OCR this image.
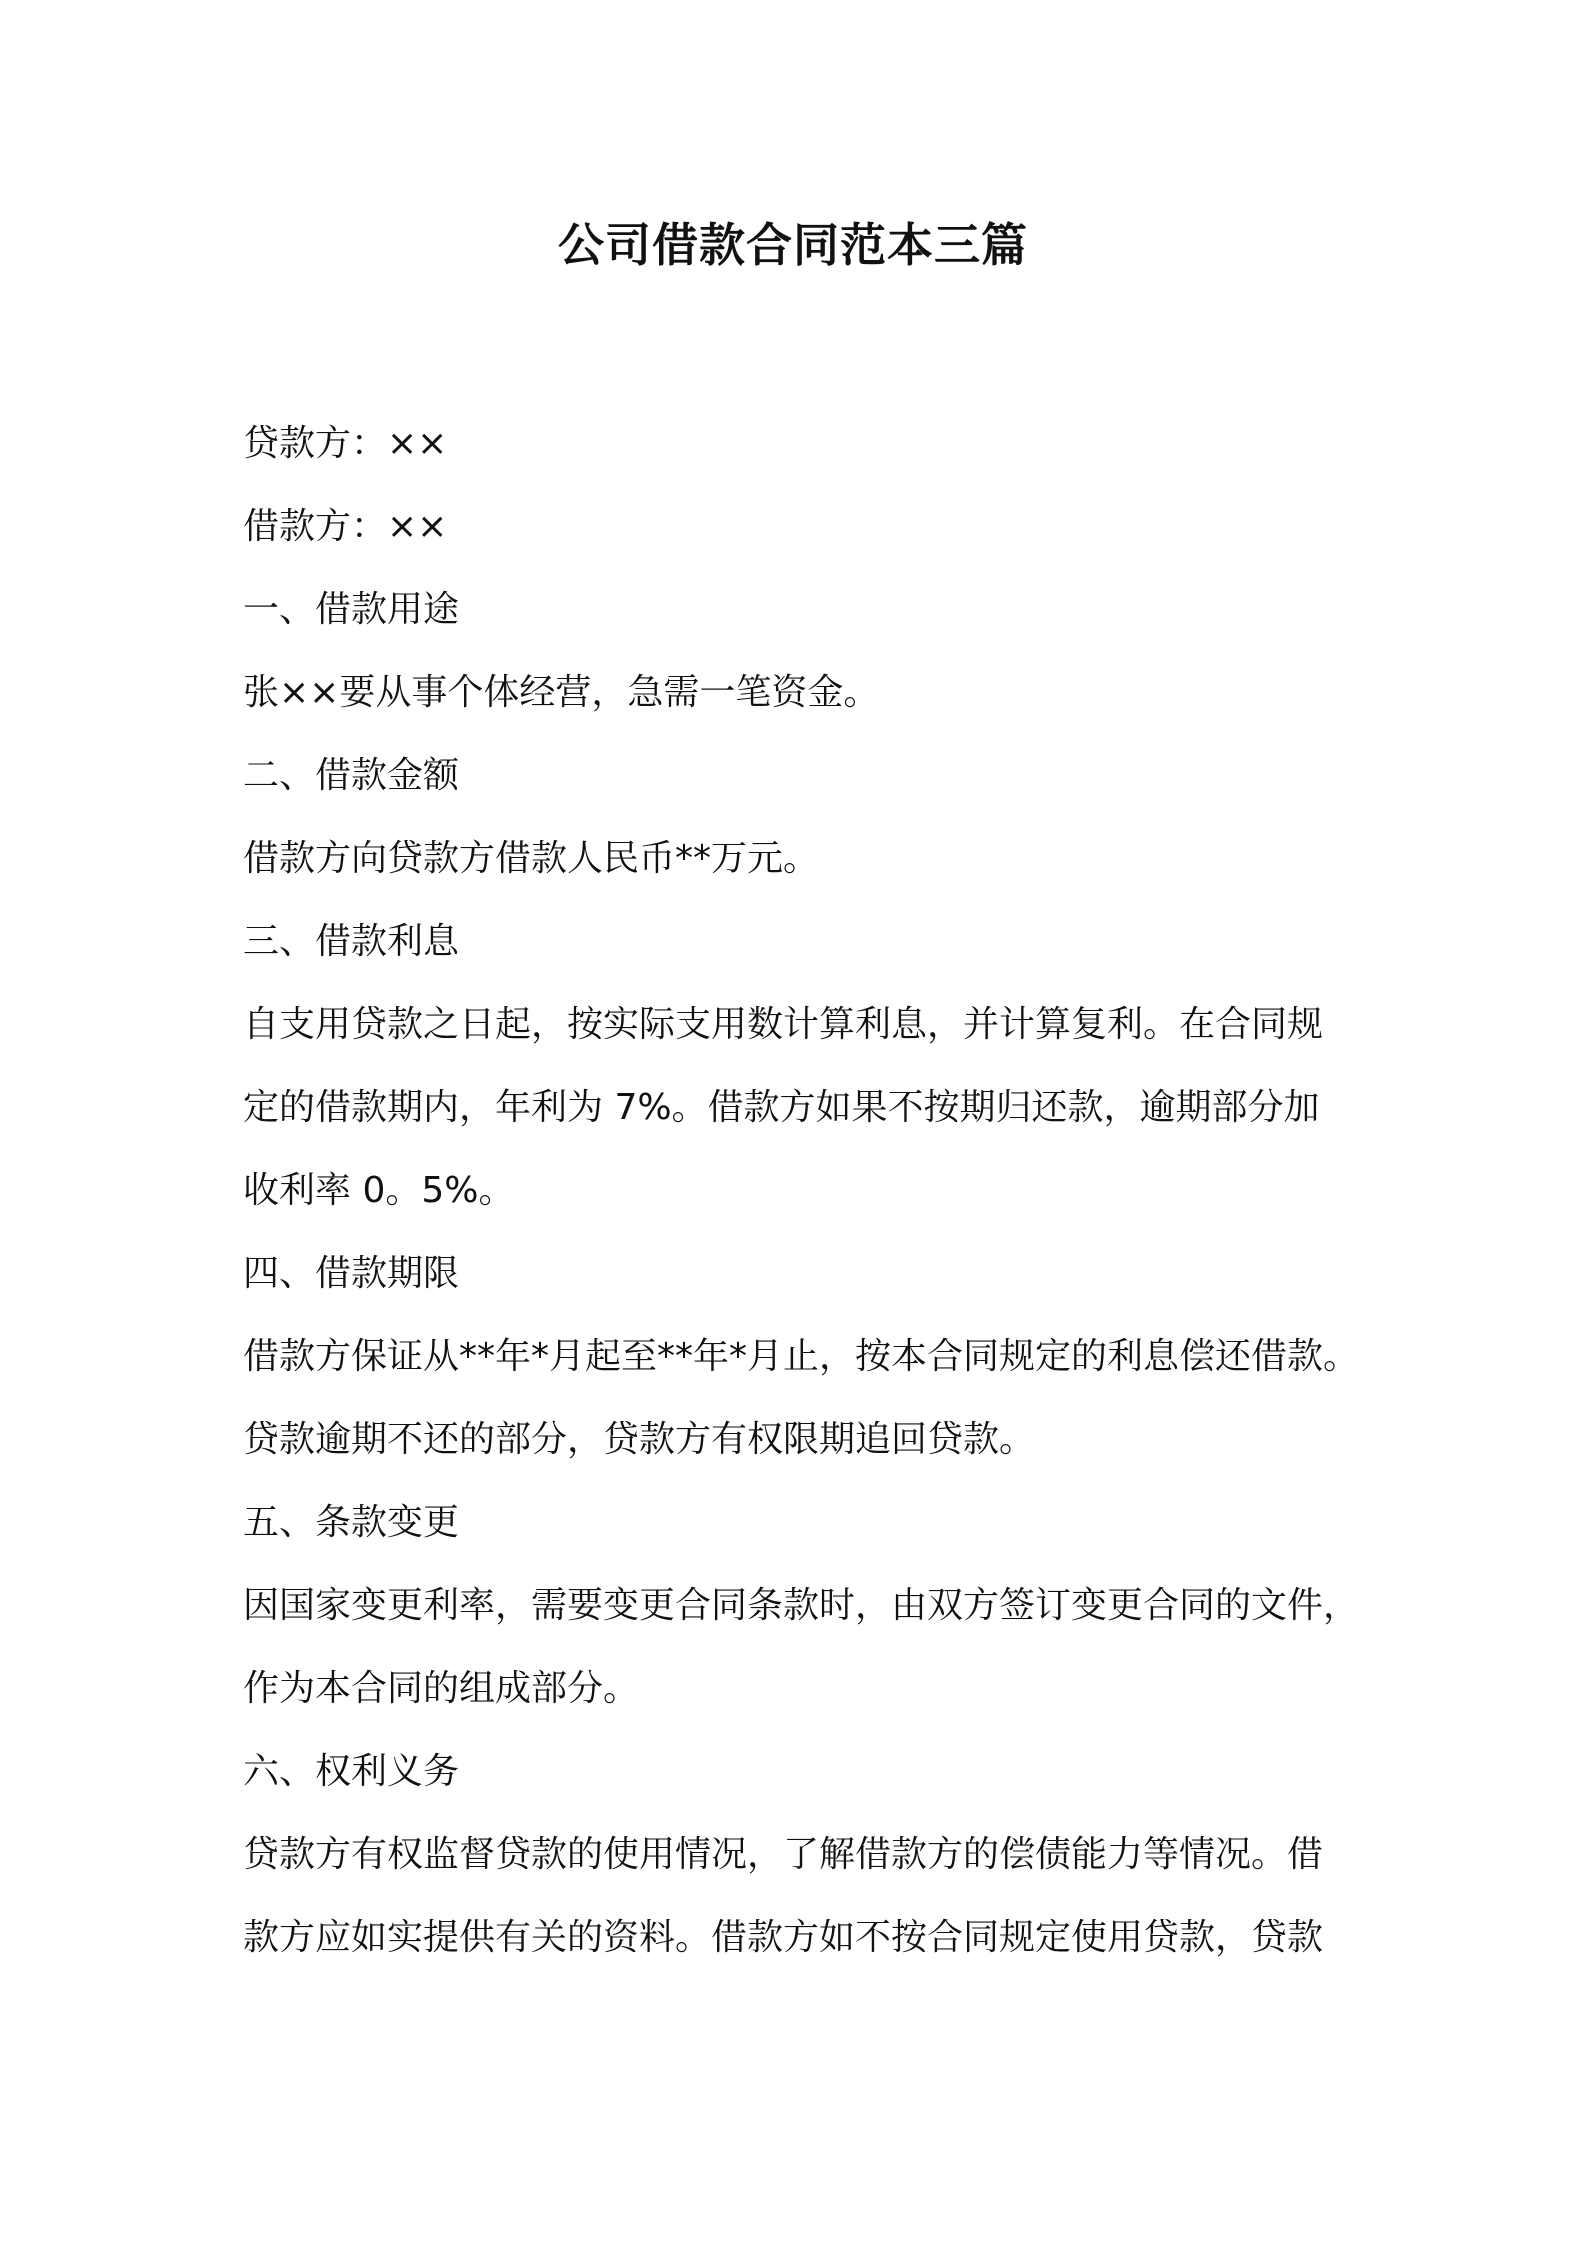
公司借款合同范本三篇

贷款方：××

借款方：××

一、借款用途

张××要从事个体经营，急需一笔资金。

二、借款金额

借款方向贷款方借款人民币**万元。

三、借款利息

自支用贷款之日起，按实际支用数计算利息，并计算复利。在合同规

定的借款期内，年利为 7%。借款方如果不按期归还款，逾期部分加

收利率 0。5%。

四、借款期限

借款方保证从**年*月起至**年*月止，按本合同规定的利息偿还借款。

贷款逾期不还的部分，贷款方有权限期追回贷款。

五、条款变更

因国家变更利率，需要变更合同条款时，由双方签订变更合同的文件，

作为本合同的组成部分。

六、权利义务

贷款方有权监督贷款的使用情况，了解借款方的偿债能力等情况。借

款方应如实提供有关的资料。借款方如不按合同规定使用贷款，贷款
